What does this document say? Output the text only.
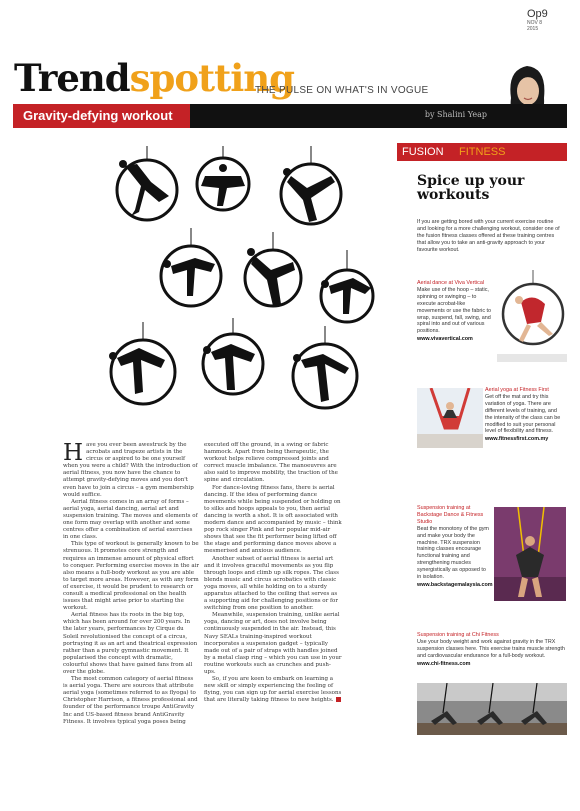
Op9
NOV 8
2015
Trendspotting
THE PULSE ON WHAT'S IN VOGUE
Gravity-defying workout	by Shalini Yeap

Have you ever been awestruck by the acrobats and trapeze artists in the circus or aspired to be one yourself when you were a child? With the introduction of aerial fitness, you now have the chance to attempt gravity-defying moves and you don't even have to join a circus – a gym membership would suffice.

Aerial fitness comes in an array of forms – aerial yoga, aerial dancing, aerial art and suspension training. The moves and elements of one form may overlap with another and some centres offer a combination of aerial exercises in one class.

This type of workout is generally known to be strenuous. It promotes core strength and requires an immense amount of physical effort to conquer. Performing exercise moves in the air also means a full-body workout as you are able to target more areas. However, as with any form of exercise, it would be prudent to research or consult a medical professional on the health issues that might arise prior to starting the workout.

Aerial fitness has its roots in the big top, which has been around for over 200 years. In the later years, performances by Cirque du Soleil revolutionised the concept of a circus, portraying it as an art and theatrical expression rather than a purely gymnastic movement. It popularised the concept with dramatic, colourful shows that have gained fans from all over the globe.

The most common category of aerial fitness is aerial yoga. There are sources that attribute aerial yoga (sometimes referred to as flyoga) to Christopher Harrison, a fitness professional and founder of the performance troupe AntiGravity Inc and US-based fitness brand AntiGravity Fitness. It involves typical yoga poses being

executed off the ground, in a swing or fabric hammock. Apart from being therapeutic, the workout helps relieve compressed joints and correct muscle imbalance. The manoeuvres are also said to improve mobility, the traction of the spine and circulation.

For dance-loving fitness fans, there is aerial dancing. If the idea of performing dance movements while being suspended or holding on to silks and hoops appeals to you, then aerial dancing is worth a shot. It is oft associated with modern dance and accompanied by music – think pop rock singer Pink and her popular mid-air shows that see the fit performer being lifted off the stage and performing dance moves above a mesmerised and anxious audience.

Another subset of aerial fitness is aerial art and it involves graceful movements as you flip through loops and climb up silk ropes. The class blends music and circus acrobatics with classic yoga moves, all while holding on to a sturdy apparatus attached to the ceiling that serves as a supporting aid for challenging positions or for switching from one position to another.

Meanwhile, suspension training, unlike aerial yoga, dancing or art, does not involve being continuously suspended in the air. Instead, this Navy SEALs training-inspired workout incorporates a suspension gadget – typically made out of a pair of straps with handles joined by a metal clasp ring – which you can use in your routine workouts such as crunches and push-ups.

So, if you are keen to embark on learning a new skill or simply experiencing the feeling of flying, you can sign up for aerial exercise lessons that are literally taking fitness to new heights.

FUSION FITNESS
Spice up your workouts
If you are getting bored with your current exercise routine and looking for a more challenging workout, consider one of the fusion fitness classes offered at these training centres that allow you to take an anti-gravity approach to your favourite workout.
Aerial dance at Viva Vertical
Make use of the hoop – static, spinning or swinging – to execute acrobat-like movements or use the fabric to wrap, suspend, fall, swing, and spiral into and out of various positions.
www.vivavertical.com
Aerial yoga at Fitness First
Get off the mat and try this variation of yoga. There are different levels of training, and the intensity of the class can be modified to suit your personal level of flexibility and fitness.
www.fitnessfirst.com.my
Suspension training at Backstage Dance & Fitness Studio
Beat the monotony of the gym and make your body the machine. TRX suspension training classes encourage functional training and strengthening muscles synergistically as opposed to in isolation.
www.backstagemalaysia.com
Suspension training at Chi Fitness
Use your body weight and work against gravity in the TRX suspension classes here. This exercise trains muscle strength and cardiovascular endurance for a full-body workout.
www.chi-fitness.com
